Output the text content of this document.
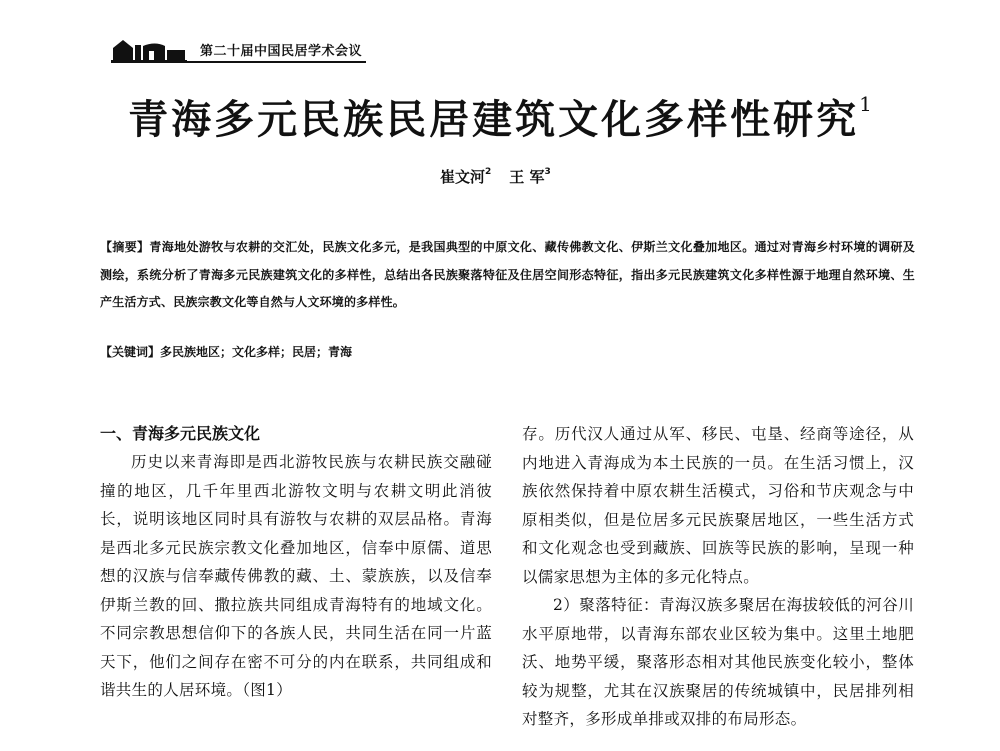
第二十届中国民居学术会议
青海多元民族民居建筑文化多样性研究$^1$
崔文河$^2$ 王 军$^3$

【摘要】青海地处游牧与农耕的交汇处，民族文化多元，是我国典型的中原文化、藏传佛教文化、伊斯兰文化叠加地区。通过对青海乡村环境的调研及测绘，系统分析了青海多元民族建筑文化的多样性，总结出各民族聚落特征及住居空间形态特征，指出多元民族建筑文化多样性源于地理自然环境、生产生活方式、民族宗教文化等自然与人文环境的多样性。

【关键词】多民族地区；文化多样；民居；青海
一、青海多元民族文化

历史以来青海即是西北游牧民族与农耕民族交融碰撞的地区，几千年里西北游牧文明与农耕文明此消彼长，说明该地区同时具有游牧与农耕的双层品格。青海是西北多元民族宗教文化叠加地区，信奉中原儒、道思想的汉族与信奉藏传佛教的藏、土、蒙族族，以及信奉伊斯兰教的回、撒拉族共同组成青海特有的地域文化。不同宗教思想信仰下的各族人民，共同生活在同一片蓝天下，他们之间存在密不可分的内在联系，共同组成和谐共生的人居环境。（图1）

存。历代汉人通过从军、移民、屯垦、经商等途径，从内地进入青海成为本土民族的一员。在生活习惯上，汉族依然保持着中原农耕生活模式，习俗和节庆观念与中原相类似，但是位居多元民族聚居地区，一些生活方式和文化观念也受到藏族、回族等民族的影响，呈现一种以儒家思想为主体的多元化特点。

2）聚落特征：青海汉族多聚居在海拔较低的河谷川水平原地带，以青海东部农业区较为集中。这里土地肥沃、地势平缓，聚落形态相对其他民族变化较小，整体较为规整，尤其在汉族聚居的传统城镇中，民居排列相对整齐，多形成单排或双排的布局形态。
